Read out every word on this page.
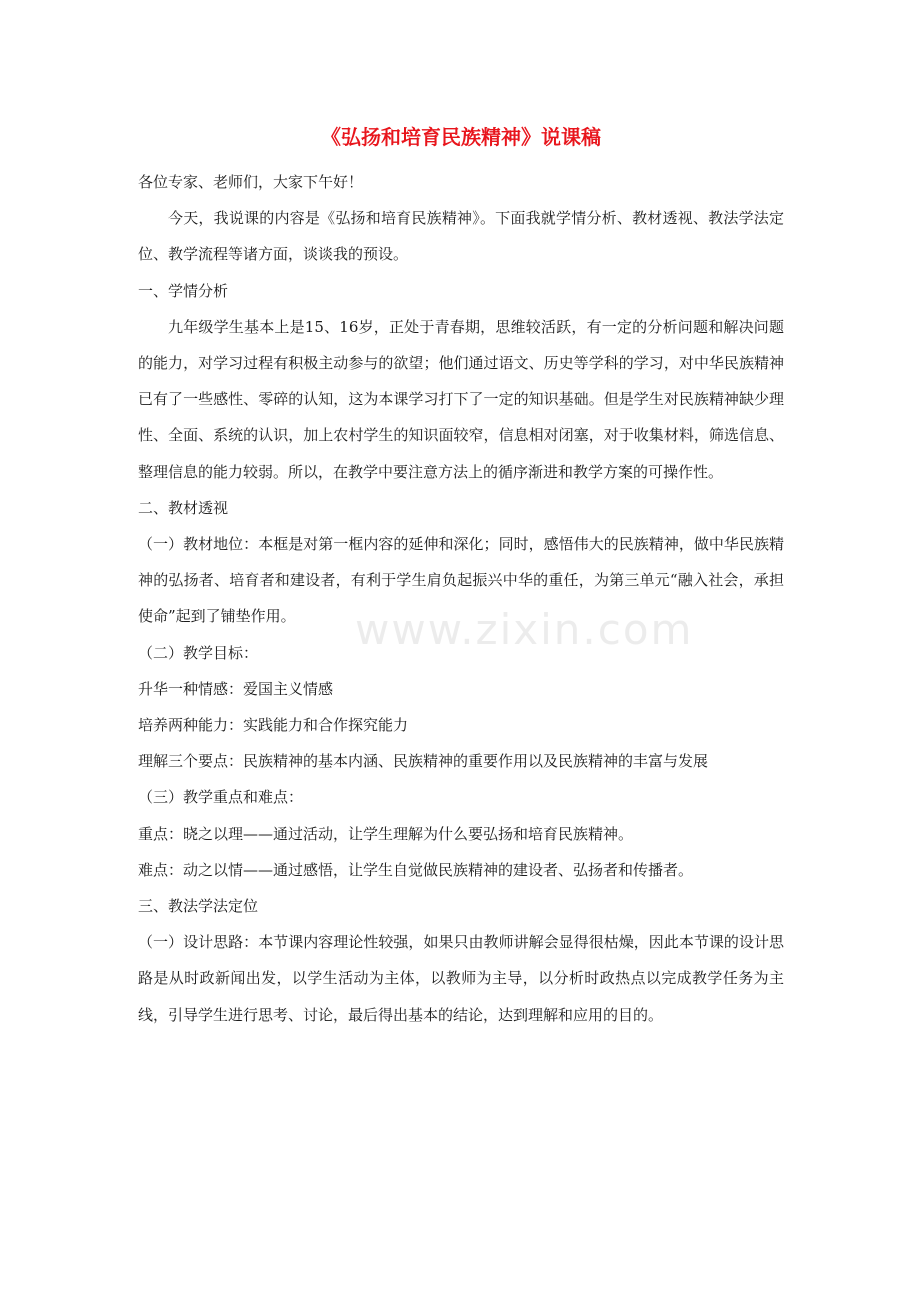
《弘扬和培育民族精神》说课稿

各位专家、老师们，大家下午好！

今天，我说课的内容是《弘扬和培育民族精神》。下面我就学情分析、教材透视、教法学法定位、教学流程等诸方面，谈谈我的预设。

一、学情分析

九年级学生基本上是15、16岁，正处于青春期，思维较活跃，有一定的分析问题和解决问题的能力，对学习过程有积极主动参与的欲望；他们通过语文、历史等学科的学习，对中华民族精神已有了一些感性、零碎的认知，这为本课学习打下了一定的知识基础。但是学生对民族精神缺少理性、全面、系统的认识，加上农村学生的知识面较窄，信息相对闭塞，对于收集材料，筛选信息、整理信息的能力较弱。所以，在教学中要注意方法上的循序渐进和教学方案的可操作性。

二、教材透视

（一）教材地位：本框是对第一框内容的延伸和深化；同时，感悟伟大的民族精神，做中华民族精神的弘扬者、培育者和建设者，有利于学生肩负起振兴中华的重任，为第三单元“融入社会，承担使命”起到了铺垫作用。

（二）教学目标：

升华一种情感：爱国主义情感

培养两种能力：实践能力和合作探究能力

理解三个要点：民族精神的基本内涵、民族精神的重要作用以及民族精神的丰富与发展

（三）教学重点和难点：

重点：晓之以理——通过活动，让学生理解为什么要弘扬和培育民族精神。

难点：动之以情——通过感悟，让学生自觉做民族精神的建设者、弘扬者和传播者。

三、教法学法定位

（一）设计思路：本节课内容理论性较强，如果只由教师讲解会显得很枯燥，因此本节课的设计思路是从时政新闻出发，以学生活动为主体，以教师为主导，以分析时政热点以完成教学任务为主线，引导学生进行思考、讨论，最后得出基本的结论，达到理解和应用的目的。

www.zixin.com
